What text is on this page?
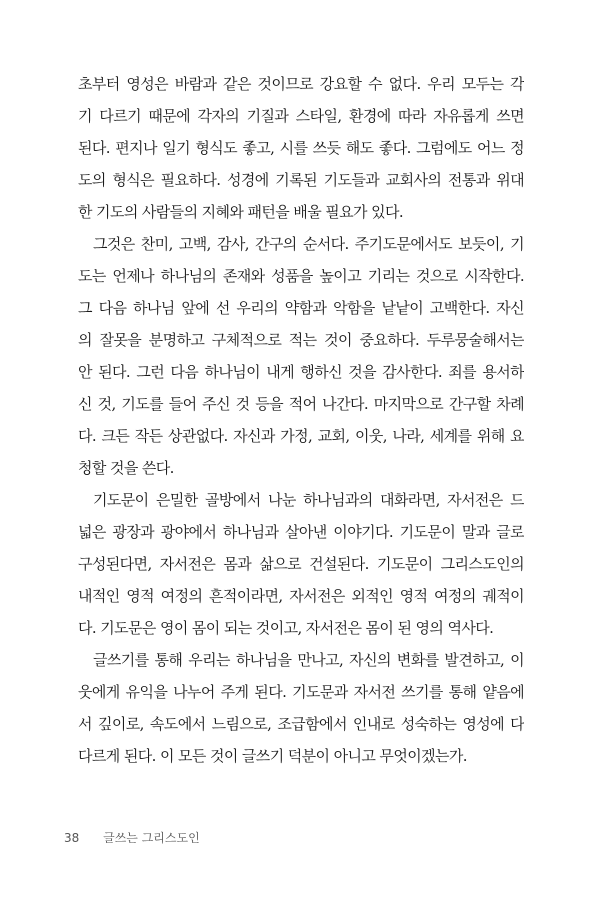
초부터 영성은 바람과 같은 것이므로 강요할 수 없다. 우리 모두는 각
기 다르기 때문에 각자의 기질과 스타일, 환경에 따라 자유롭게 쓰면
된다. 편지나 일기 형식도 좋고, 시를 쓰듯 해도 좋다. 그럼에도 어느 정
도의 형식은 필요하다. 성경에 기록된 기도들과 교회사의 전통과 위대
한 기도의 사람들의 지혜와 패턴을 배울 필요가 있다.
그것은 찬미, 고백, 감사, 간구의 순서다. 주기도문에서도 보듯이, 기
도는 언제나 하나님의 존재와 성품을 높이고 기리는 것으로 시작한다.
그 다음 하나님 앞에 선 우리의 약함과 악함을 낱낱이 고백한다. 자신
의 잘못을 분명하고 구체적으로 적는 것이 중요하다. 두루뭉술해서는
안 된다. 그런 다음 하나님이 내게 행하신 것을 감사한다. 죄를 용서하
신 것, 기도를 들어 주신 것 등을 적어 나간다. 마지막으로 간구할 차례
다. 크든 작든 상관없다. 자신과 가정, 교회, 이웃, 나라, 세계를 위해 요
청할 것을 쓴다.
기도문이 은밀한 골방에서 나눈 하나님과의 대화라면, 자서전은 드
넓은 광장과 광야에서 하나님과 살아낸 이야기다. 기도문이 말과 글로
구성된다면, 자서전은 몸과 삶으로 건설된다. 기도문이 그리스도인의
내적인 영적 여정의 흔적이라면, 자서전은 외적인 영적 여정의 궤적이
다. 기도문은 영이 몸이 되는 것이고, 자서전은 몸이 된 영의 역사다.
글쓰기를 통해 우리는 하나님을 만나고, 자신의 변화를 발견하고, 이
웃에게 유익을 나누어 주게 된다. 기도문과 자서전 쓰기를 통해 얕음에
서 깊이로, 속도에서 느림으로, 조급함에서 인내로 성숙하는 영성에 다
다르게 된다. 이 모든 것이 글쓰기 덕분이 아니고 무엇이겠는가.
38 글쓰는 그리스도인
